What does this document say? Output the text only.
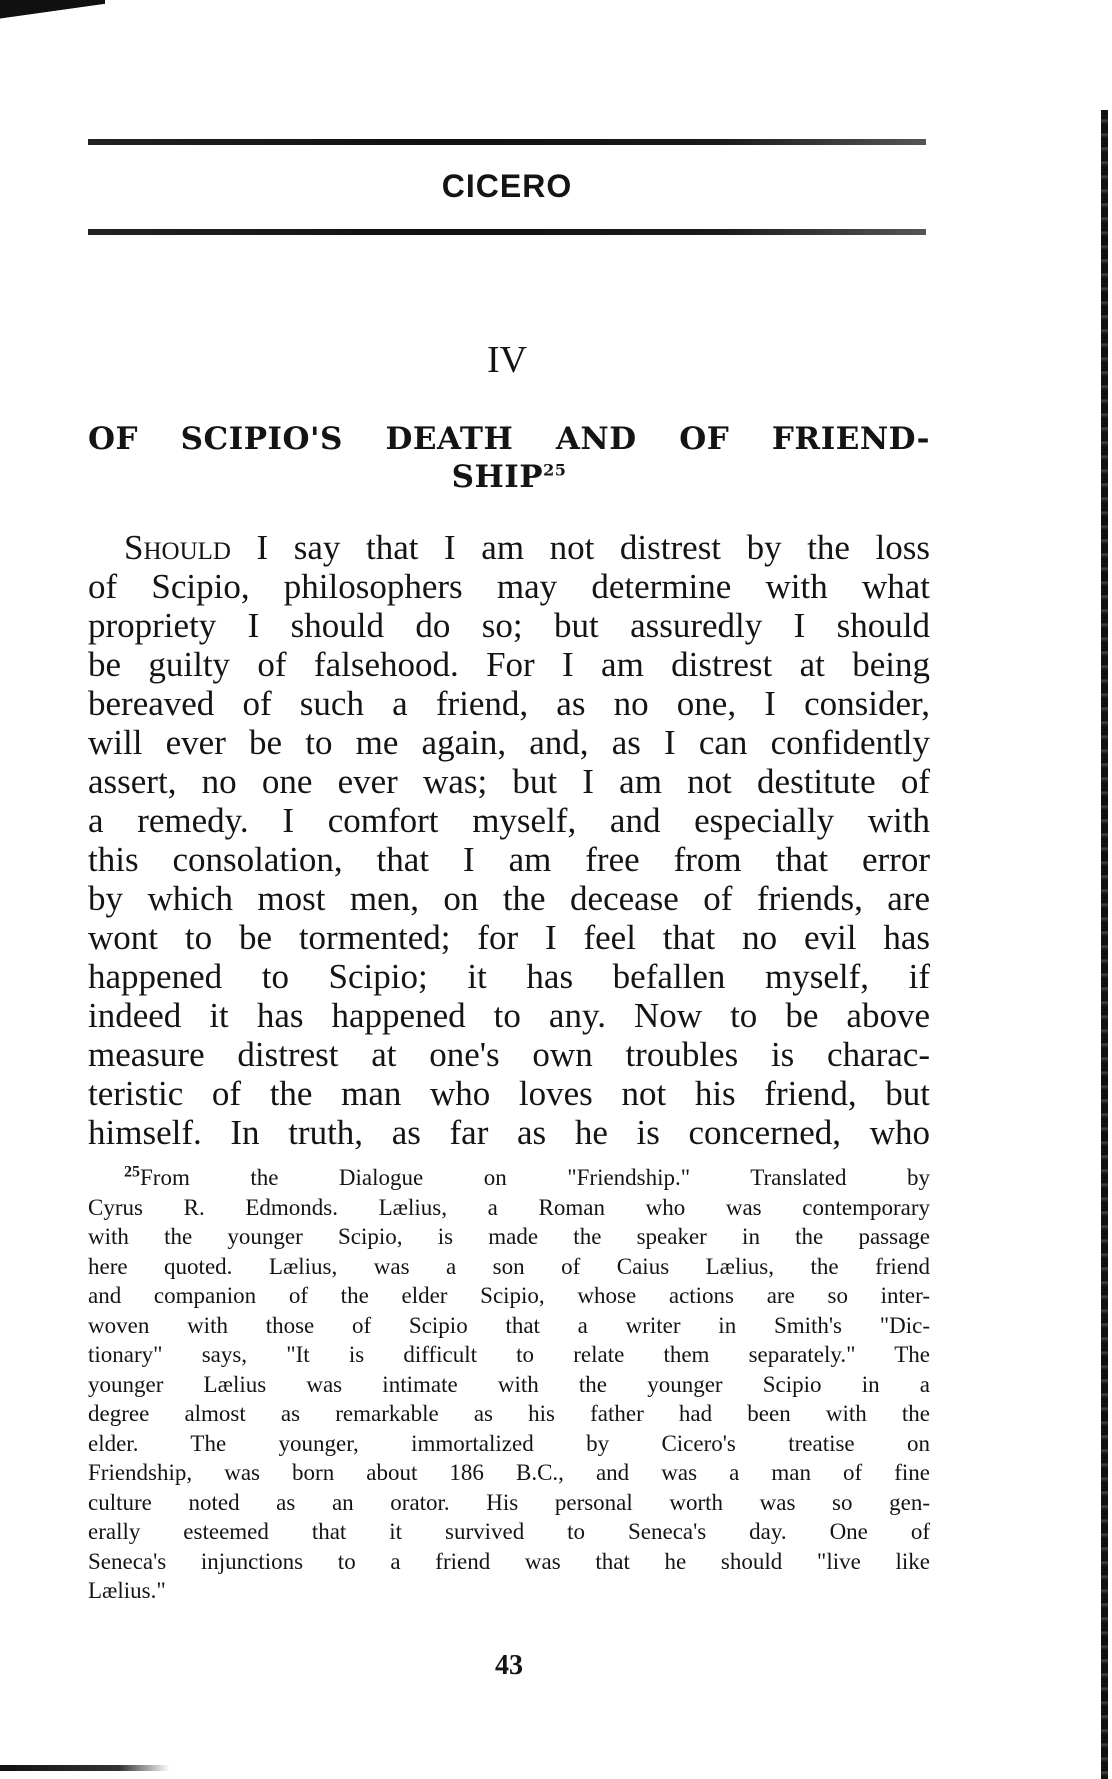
CICERO
IV
OF SCIPIO'S DEATH AND OF FRIEND-
SHIP$^{25}$
Should I say that I am not distrest by the loss
of Scipio, philosophers may determine with what
propriety I should do so; but assuredly I should
be guilty of falsehood. For I am distrest at being
bereaved of such a friend, as no one, I consider,
will ever be to me again, and, as I can confidently
assert, no one ever was; but I am not destitute of
a remedy. I comfort myself, and especially with
this consolation, that I am free from that error
by which most men, on the decease of friends, are
wont to be tormented; for I feel that no evil has
happened to Scipio; it has befallen myself, if
indeed it has happened to any. Now to be above
measure distrest at one's own troubles is charac-
teristic of the man who loves not his friend, but
himself. In truth, as far as he is concerned, who
$^{25}$From the Dialogue on "Friendship." Translated by
Cyrus R. Edmonds. Lælius, a Roman who was contemporary
with the younger Scipio, is made the speaker in the passage
here quoted. Lælius, was a son of Caius Lælius, the friend
and companion of the elder Scipio, whose actions are so inter-
woven with those of Scipio that a writer in Smith's "Dic-
tionary" says, "It is difficult to relate them separately." The
younger Lælius was intimate with the younger Scipio in a
degree almost as remarkable as his father had been with the
elder. The younger, immortalized by Cicero's treatise on
Friendship, was born about 186 B.C., and was a man of fine
culture noted as an orator. His personal worth was so gen-
erally esteemed that it survived to Seneca's day. One of
Seneca's injunctions to a friend was that he should "live like
Lælius."
43
